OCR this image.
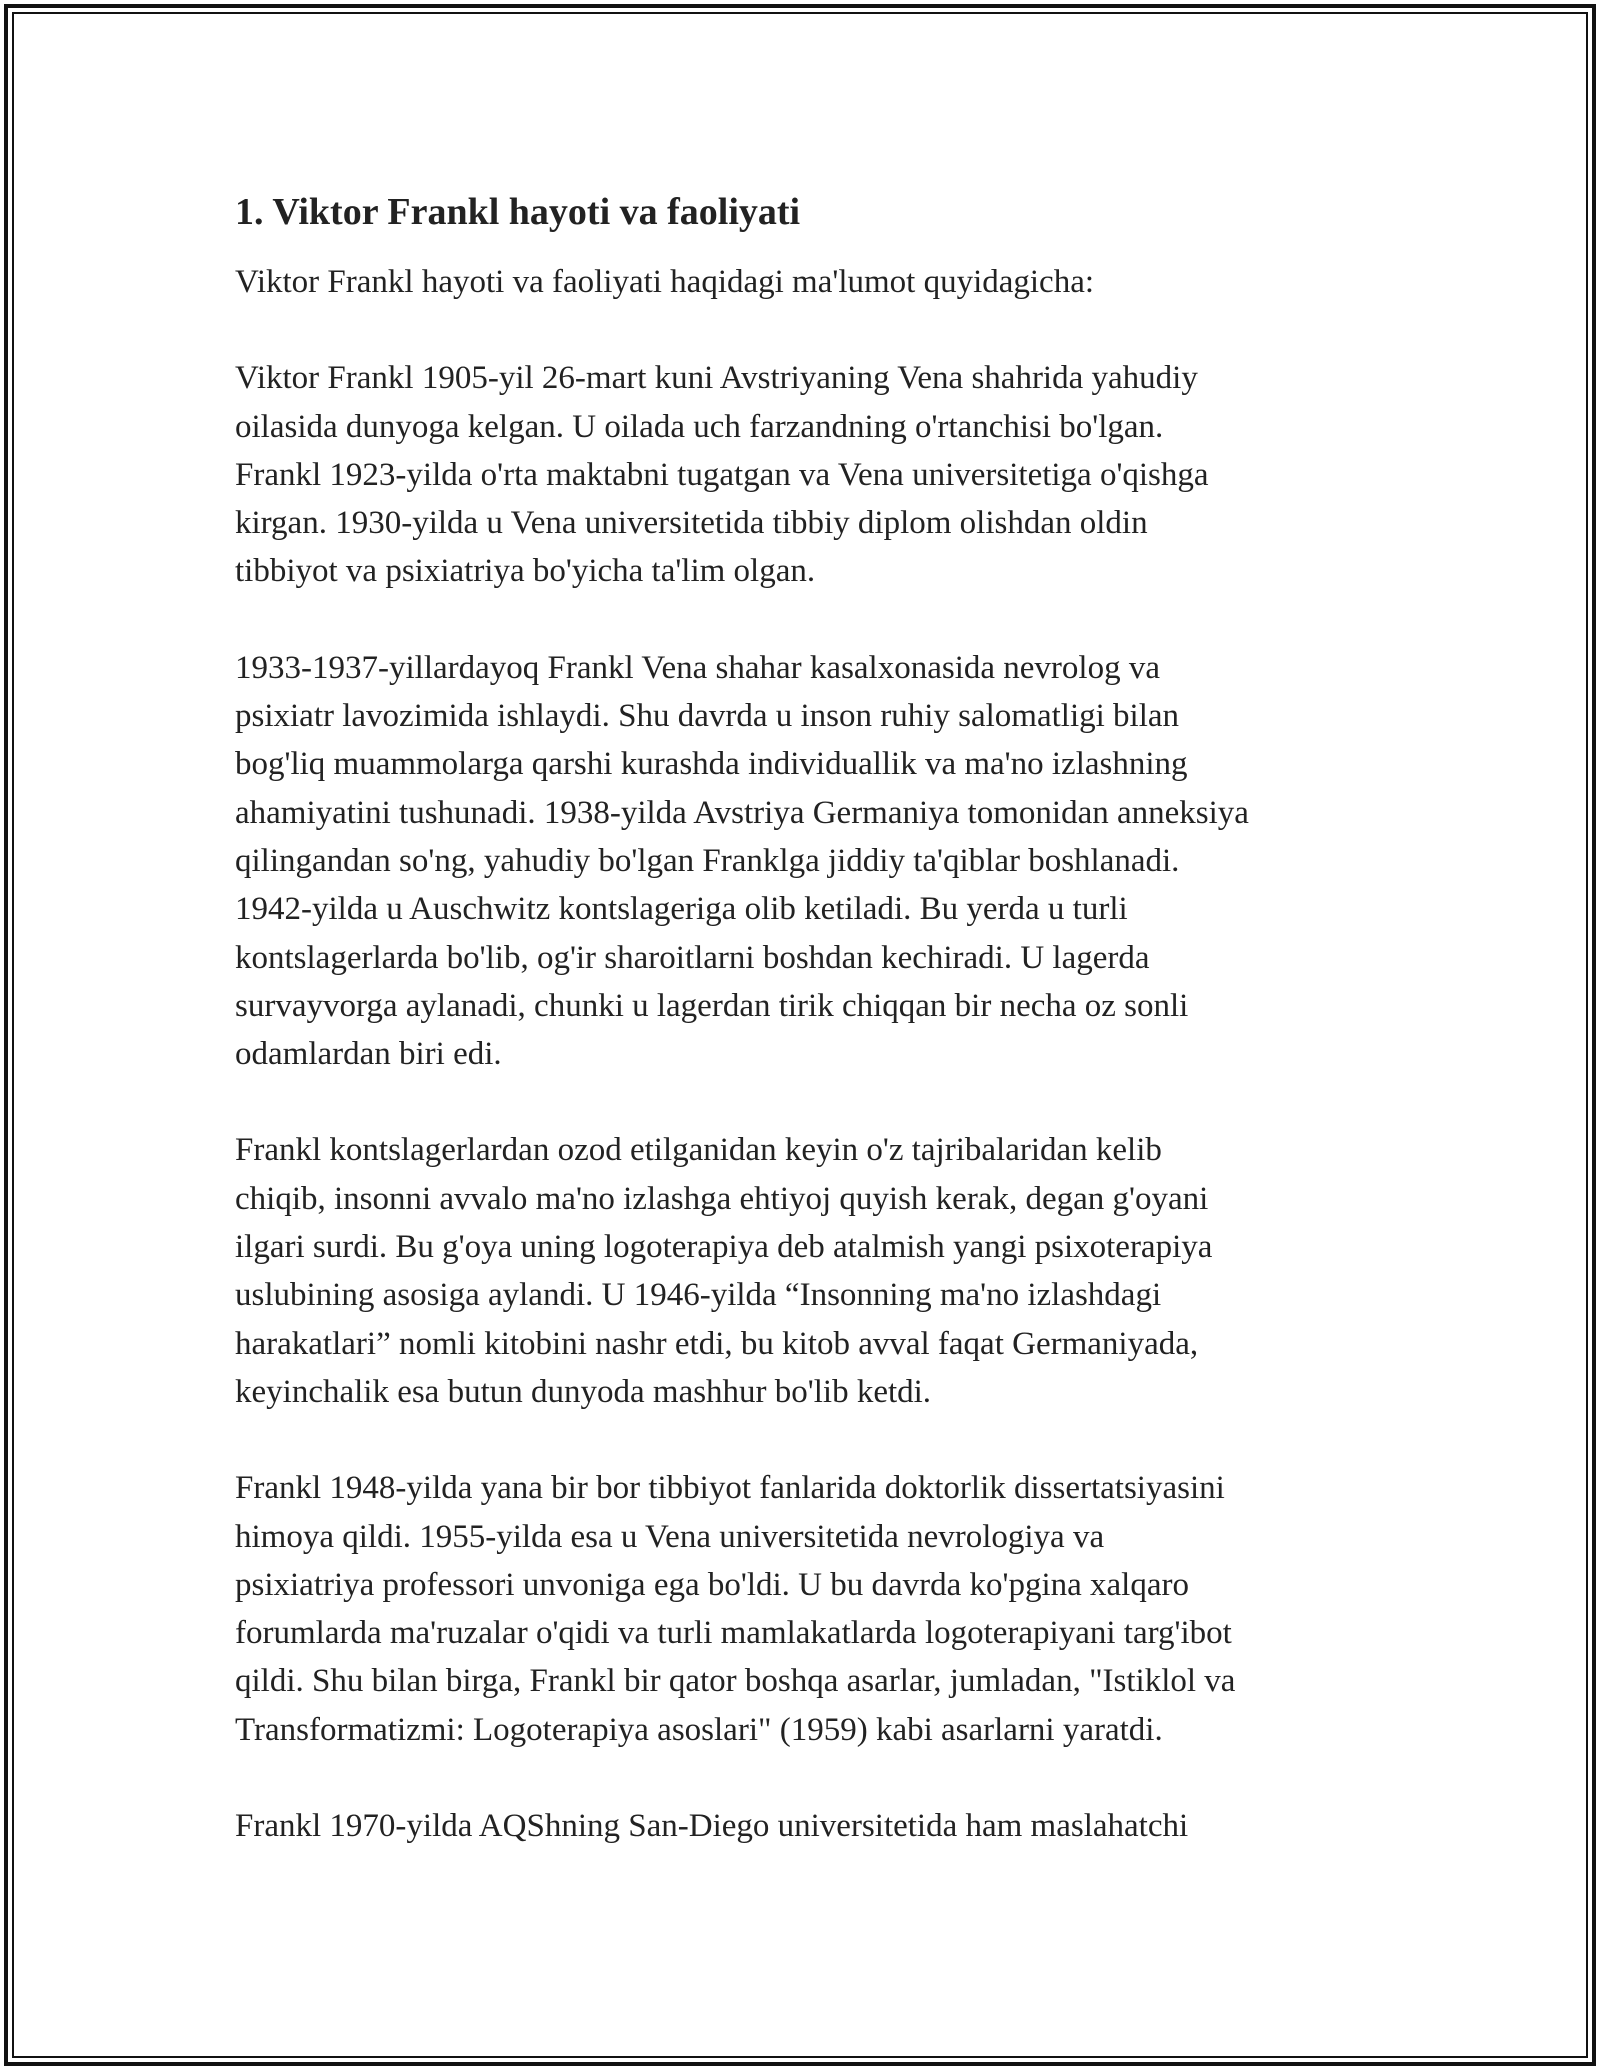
1. Viktor Frankl hayoti va faoliyati
Viktor Frankl hayoti va faoliyati haqidagi ma'lumot quyidagicha:
Viktor Frankl 1905-yil 26-mart kuni Avstriyaning Vena shahrida yahudiy
oilasida dunyoga kelgan. U oilada uch farzandning o'rtanchisi bo'lgan.
Frankl 1923-yilda o'rta maktabni tugatgan va Vena universitetiga o'qishga
kirgan. 1930-yilda u Vena universitetida tibbiy diplom olishdan oldin
tibbiyot va psixiatriya bo'yicha ta'lim olgan.
1933-1937-yillardayoq Frankl Vena shahar kasalxonasida nevrolog va
psixiatr lavozimida ishlaydi. Shu davrda u inson ruhiy salomatligi bilan
bog'liq muammolarga qarshi kurashda individuallik va ma'no izlashning
ahamiyatini tushunadi. 1938-yilda Avstriya Germaniya tomonidan anneksiya
qilingandan so'ng, yahudiy bo'lgan Franklga jiddiy ta'qiblar boshlanadi.
1942-yilda u Auschwitz kontslageriga olib ketiladi. Bu yerda u turli
kontslagerlarda bo'lib, og'ir sharoitlarni boshdan kechiradi. U lagerda
survayvorga aylanadi, chunki u lagerdan tirik chiqqan bir necha oz sonli
odamlardan biri edi.
Frankl kontslagerlardan ozod etilganidan keyin o'z tajribalaridan kelib
chiqib, insonni avvalo ma'no izlashga ehtiyoj quyish kerak, degan g'oyani
ilgari surdi. Bu g'oya uning logoterapiya deb atalmish yangi psixoterapiya
uslubining asosiga aylandi. U 1946-yilda “Insonning ma'no izlashdagi
harakatlari” nomli kitobini nashr etdi, bu kitob avval faqat Germaniyada,
keyinchalik esa butun dunyoda mashhur bo'lib ketdi.
Frankl 1948-yilda yana bir bor tibbiyot fanlarida doktorlik dissertatsiyasini
himoya qildi. 1955-yilda esa u Vena universitetida nevrologiya va
psixiatriya professori unvoniga ega bo'ldi. U bu davrda ko'pgina xalqaro
forumlarda ma'ruzalar o'qidi va turli mamlakatlarda logoterapiyani targ'ibot
qildi. Shu bilan birga, Frankl bir qator boshqa asarlar, jumladan, "Istiklol va
Transformatizmi: Logoterapiya asoslari" (1959) kabi asarlarni yaratdi.
Frankl 1970-yilda AQShning San-Diego universitetida ham maslahatchi
